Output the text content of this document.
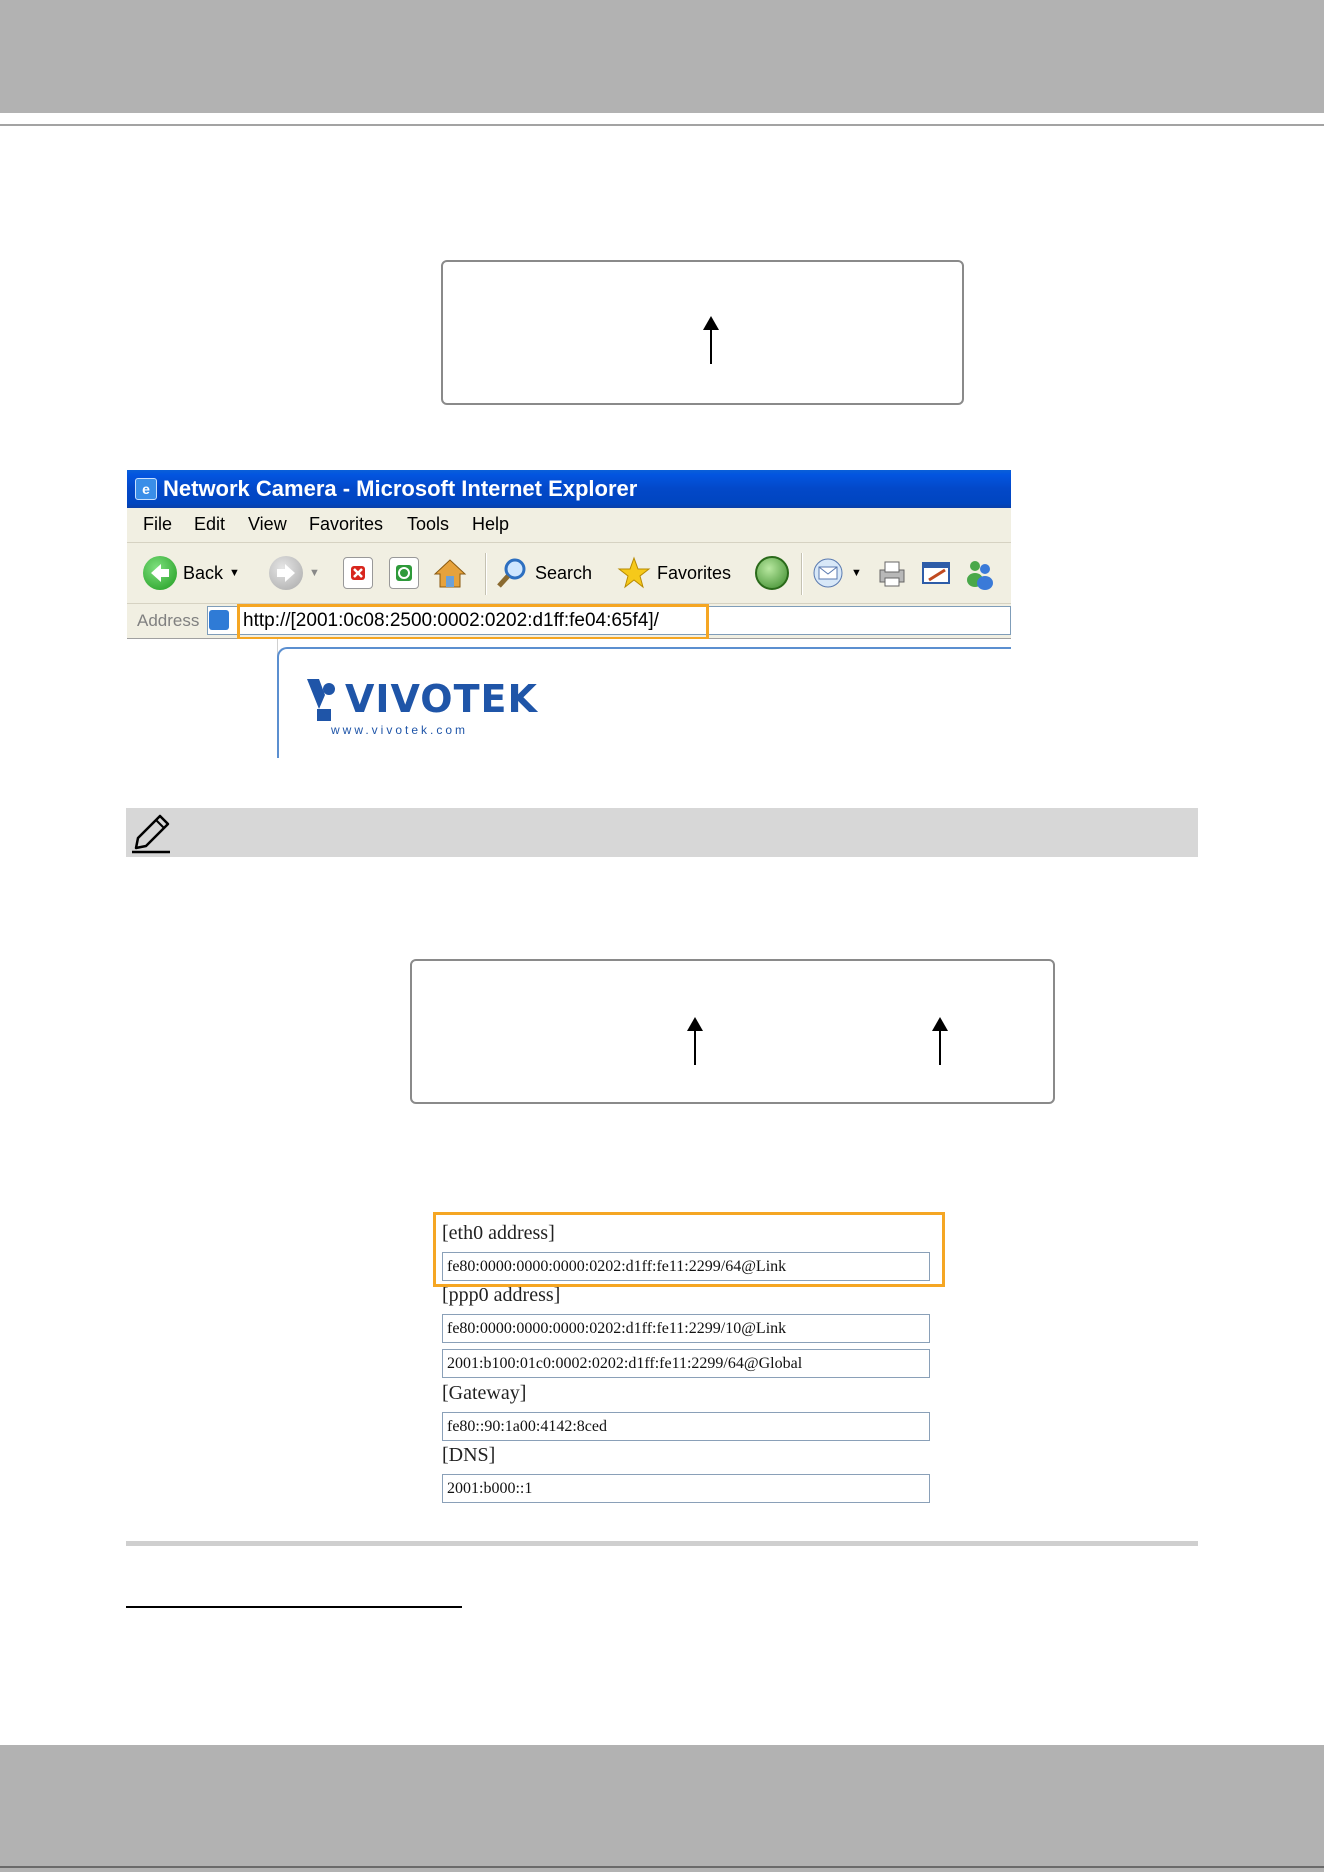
e Network Camera - Microsoft Internet Explorer
File Edit View Favorites Tools Help
Back ▼	▼	Search	Favorites	▼
Address http://[2001:0c08:2500:0002:0202:d1ff:fe04:65f4]/
VIVOTEK
www.vivotek.com
[eth0 address]
fe80:0000:0000:0000:0202:d1ff:fe11:2299/64@Link
[ppp0 address]
fe80:0000:0000:0000:0202:d1ff:fe11:2299/10@Link
2001:b100:01c0:0002:0202:d1ff:fe11:2299/64@Global
[Gateway]
fe80::90:1a00:4142:8ced
[DNS]
2001:b000::1
